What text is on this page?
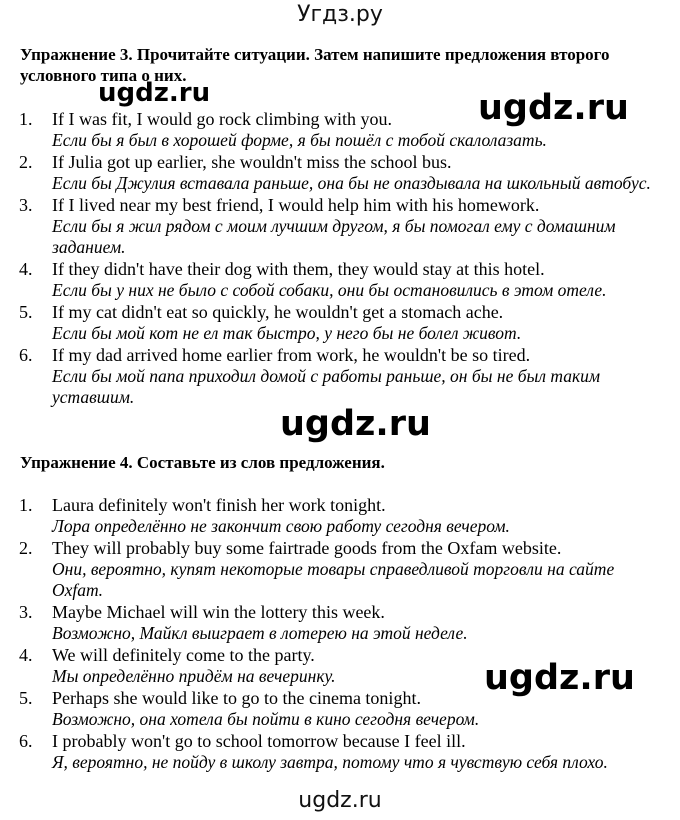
Угдз.ру
Упражнение 3. Прочитайте ситуации. Затем напишите предложения второго условного типа о них.
1. If I was fit, I would go rock climbing with you.
Если бы я был в хорошей форме, я бы пошёл с тобой скалолазать.
2. If Julia got up earlier, she wouldn't miss the school bus.
Если бы Джулия вставала раньше, она бы не опаздывала на школьный автобус.
3. If I lived near my best friend, I would help him with his homework.
Если бы я жил рядом с моим лучшим другом, я бы помогал ему с домашним заданием.
4. If they didn't have their dog with them, they would stay at this hotel.
Если бы у них не было с собой собаки, они бы остановились в этом отеле.
5. If my cat didn't eat so quickly, he wouldn't get a stomach ache.
Если бы мой кот не ел так быстро, у него бы не болел живот.
6. If my dad arrived home earlier from work, he wouldn't be so tired.
Если бы мой папа приходил домой с работы раньше, он бы не был таким уставшим.
Упражнение 4. Составьте из слов предложения.
1. Laura definitely won't finish her work tonight.
Лора определённо не закончит свою работу сегодня вечером.
2. They will probably buy some fairtrade goods from the Oxfam website.
Они, вероятно, купят некоторые товары справедливой торговли на сайте Oxfam.
3. Maybe Michael will win the lottery this week.
Возможно, Майкл выиграет в лотерею на этой неделе.
4. We will definitely come to the party.
Мы определённо придём на вечеринку.
5. Perhaps she would like to go to the cinema tonight.
Возможно, она хотела бы пойти в кино сегодня вечером.
6. I probably won't go to school tomorrow because I feel ill.
Я, вероятно, не пойду в школу завтра, потому что я чувствую себя плохо.
ugdz.ru	ugdz.ru
ugdz.ru
ugdz.ru
ugdz.ru
